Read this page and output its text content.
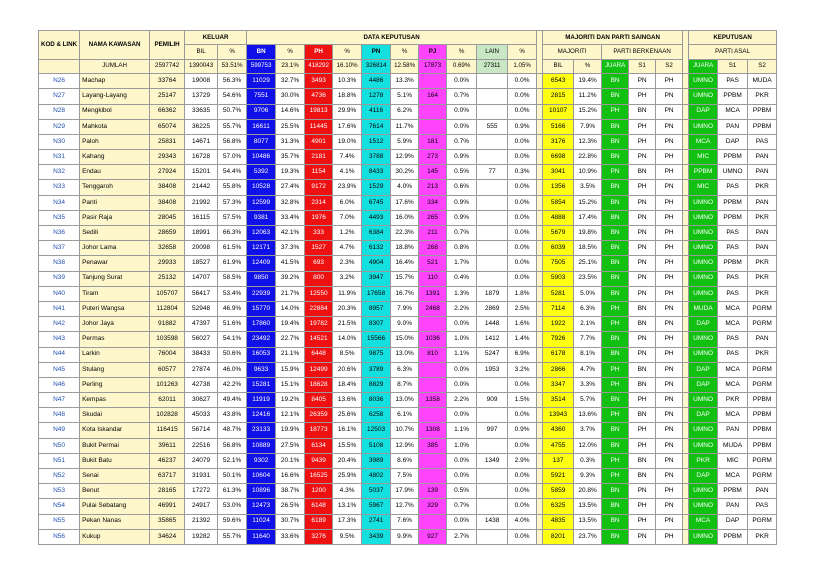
KOD & LINK	NAMA KAWASAN	PEMILIH	KELUAR		DATA KEPUTUSAN											MAJORITI DAN PARTI SAINGAN						KEPUTUSAN		
			BIL	%	BN	%	PH	%	PN	%	PJ	%	LAIN	%		MAJORITI		PARTI BERKENAAN				PARTI ASAL		
	JUMLAH	2597742	1390043	53.51%	599753	23.1%	418292	16.10%	326814	12.58%	17873	0.69%	27311	1.05%		BIL	%	JUARA	S1	S2		JUARA	S1	S2
N26	Machap	33764	19008	56.3%	11029	32.7%	3493	10.3%	4486	13.3%		0.0%		0.0%		6543	19.4%	BN	PN	PH		UMNO	PAS	MUDA
N27	Layang-Layang	25147	13729	54.6%	7551	30.0%	4736	18.8%	1278	5.1%	164	0.7%		0.0%		2815	11.2%	BN	PH	PN		UMNO	PPBM	PKR
N28	Mengkibol	66362	33635	50.7%	9706	14.6%	19813	29.9%	4116	6.2%		0.0%		0.0%		10107	15.2%	PH	BN	PN		DAP	MCA	PPBM
N29	Mahkota	65074	36225	55.7%	16611	25.5%	11445	17.6%	7614	11.7%		0.0%	555	0.9%		5166	7.9%	BN	PH	PN		UMNO	PAN	PPBM
N30	Paloh	25831	14671	56.8%	8077	31.3%	4901	19.0%	1512	5.9%	181	0.7%		0.0%		3176	12.3%	BN	PH	PN		MCA	DAP	PAS
N31	Kahang	29343	16728	57.0%	10486	35.7%	2181	7.4%	3788	12.9%	273	0.9%		0.0%		6698	22.8%	BN	PN	PH		MIC	PPBM	PAN
N32	Endau	27924	15201	54.4%	5392	19.3%	1154	4.1%	8433	30.2%	145	0.5%	77	0.3%		3041	10.9%	PN	BN	PH		PPBM	UMNO	PAN
N33	Tenggaroh	38408	21442	55.8%	10528	27.4%	9172	23.9%	1529	4.0%	213	0.6%		0.0%		1356	3.5%	BN	PH	PN		MIC	PAS	PKR
N34	Panti	38408	21992	57.3%	12599	32.8%	2314	6.0%	6745	17.6%	334	0.9%		0.0%		5854	15.2%	BN	PN	PH		UMNO	PPBM	PAN
N35	Pasir Raja	28045	16115	57.5%	9381	33.4%	1976	7.0%	4493	16.0%	265	0.9%		0.0%		4888	17.4%	BN	PN	PH		UMNO	PPBM	PKR
N36	Sedili	28659	18991	66.3%	12063	42.1%	333	1.2%	6384	22.3%	211	0.7%		0.0%		5679	19.8%	BN	PN	PH		UMNO	PAS	PAN
N37	Johor Lama	32658	20098	61.5%	12171	37.3%	1527	4.7%	6132	18.8%	268	0.8%		0.0%		6039	18.5%	BN	PN	PH		UMNO	PAS	PAN
N38	Penawar	29933	18527	61.9%	12409	41.5%	693	2.3%	4904	16.4%	521	1.7%		0.0%		7505	25.1%	BN	PN	PH		UMNO	PPBM	PKR
N39	Tanjung Surat	25132	14707	58.5%	9850	39.2%	800	3.2%	3947	15.7%	110	0.4%		0.0%		5903	23.5%	BN	PN	PH		UMNO	PAS	PKR
N40	Tiram	105707	56417	53.4%	22939	21.7%	12550	11.9%	17658	16.7%	1391	1.3%	1879	1.8%		5281	5.0%	BN	PN	PH		UMNO	PAS	PKR
N41	Puteri Wangsa	112804	52948	46.9%	15770	14.0%	22884	20.3%	8957	7.9%	2468	2.2%	2869	2.5%		7114	6.3%	PH	BN	PN		MUDA	MCA	PGRM
N42	Johor Jaya	91882	47397	51.6%	17860	19.4%	19782	21.5%	8307	9.0%		0.0%	1448	1.6%		1922	2.1%	PH	BN	PN		DAP	MCA	PGRM
N43	Permas	103598	56027	54.1%	23492	22.7%	14521	14.0%	15566	15.0%	1036	1.0%	1412	1.4%		7926	7.7%	BN	PN	PH		UMNO	PAS	PAN
N44	Larkin	76004	38433	50.6%	16053	21.1%	6448	8.5%	9875	13.0%	810	1.1%	5247	6.9%		6178	8.1%	BN	PN	PH		UMNO	PAS	PKR
N45	Stulang	60577	27874	46.0%	9633	15.9%	12499	20.6%	3789	6.3%		0.0%	1953	3.2%		2866	4.7%	PH	BN	PN		DAP	MCA	PGRM
N46	Perling	101263	42738	42.2%	15281	15.1%	18628	18.4%	8829	8.7%		0.0%		0.0%		3347	3.3%	PH	BN	PN		DAP	MCA	PGRM
N47	Kempas	62011	30627	49.4%	11919	19.2%	8405	13.6%	8036	13.0%	1358	2.2%	909	1.5%		3514	5.7%	BN	PH	PN		UMNO	PKR	PPBM
N48	Skudai	102828	45033	43.8%	12416	12.1%	26359	25.6%	6258	6.1%		0.0%		0.0%		13943	13.6%	PH	BN	PN		DAP	MCA	PPBM
N49	Kota Iskandar	116415	56714	48.7%	23133	19.9%	18773	16.1%	12503	10.7%	1308	1.1%	997	0.9%		4360	3.7%	BN	PH	PN		UMNO	PAN	PPBM
N50	Bukit Permai	39611	22516	56.8%	10889	27.5%	6134	15.5%	5108	12.9%	385	1.0%		0.0%		4755	12.0%	BN	PH	PN		UMNO	MUDA	PPBM
N51	Bukit Batu	46237	24079	52.1%	9302	20.1%	9439	20.4%	3989	8.6%		0.0%	1349	2.9%		137	0.3%	PH	BN	PN		PKR	MIC	PGRM
N52	Senai	63717	31931	50.1%	10604	16.6%	16525	25.9%	4802	7.5%		0.0%		0.0%		5921	9.3%	PH	BN	PN		DAP	MCA	PGRM
N53	Benut	28165	17272	61.3%	10896	38.7%	1200	4.3%	5037	17.9%	139	0.5%		0.0%		5859	20.8%	BN	PN	PH		UMNO	PPBM	PAN
N54	Pulai Sebatang	46991	24917	53.0%	12473	26.5%	6148	13.1%	5967	12.7%	329	0.7%		0.0%		6325	13.5%	BN	PH	PN		UMNO	PAN	PAS
N55	Pekan Nanas	35865	21392	59.6%	11024	30.7%	6189	17.3%	2741	7.6%		0.0%	1438	4.0%		4835	13.5%	BN	PH	PN		MCA	DAP	PGRM
N56	Kukup	34624	19282	55.7%	11640	33.6%	3276	9.5%	3439	9.9%	927	2.7%		0.0%		8201	23.7%	BN	PN	PH		UMNO	PPBM	PKR
